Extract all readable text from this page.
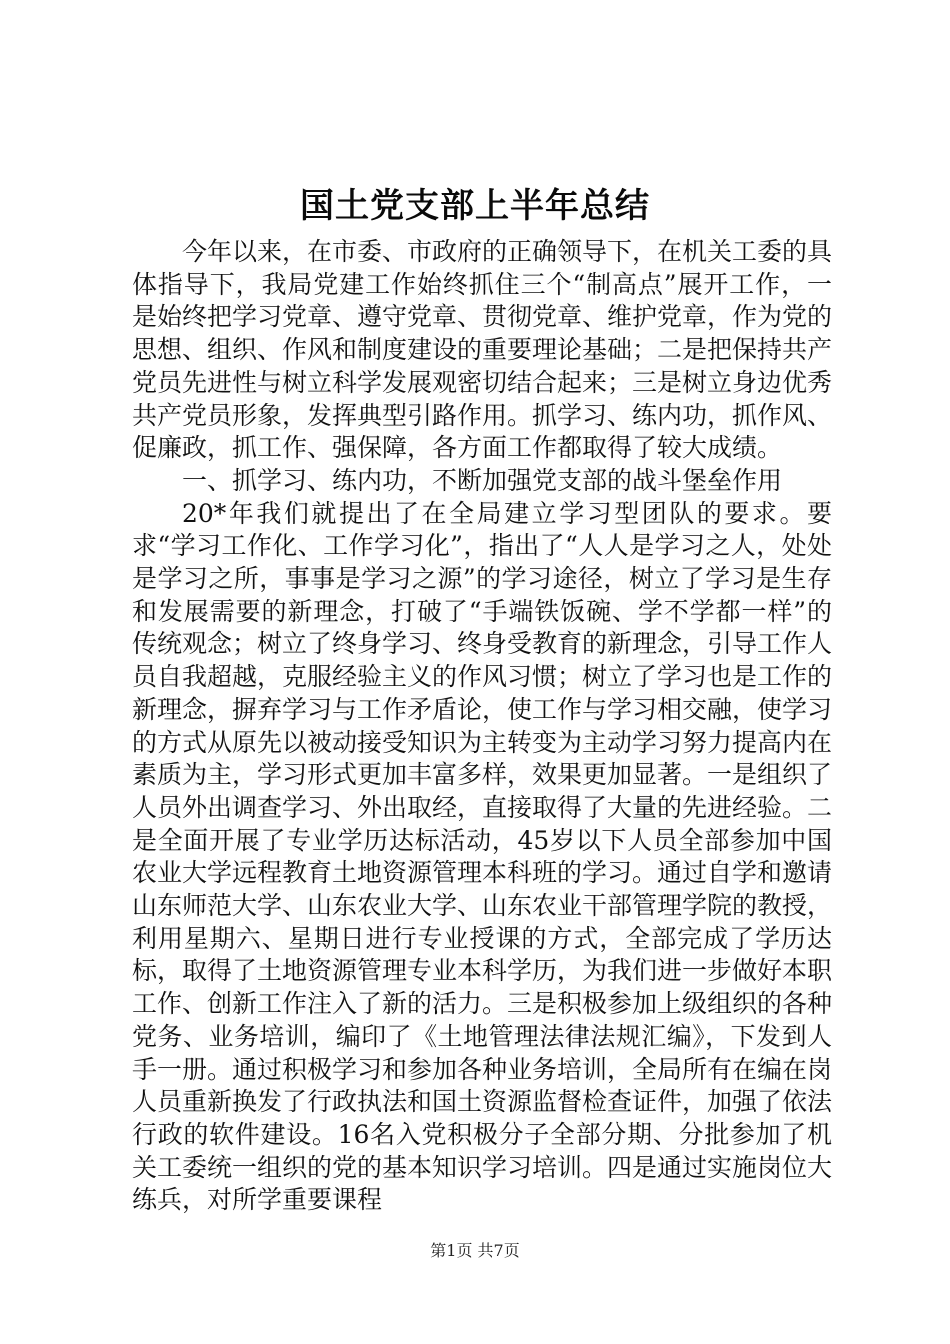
国土党支部上半年总结

今年以来，在市委、市政府的正确领导下，在机关工委的具体指导下，我局党建工作始终抓住三个“制高点”展开工作，一是始终把学习党章、遵守党章、贯彻党章、维护党章，作为党的思想、组织、作风和制度建设的重要理论基础；二是把保持共产党员先进性与树立科学发展观密切结合起来；三是树立身边优秀共产党员形象，发挥典型引路作用。抓学习、练内功，抓作风、促廉政，抓工作、强保障，各方面工作都取得了较大成绩。

一、抓学习、练内功，不断加强党支部的战斗堡垒作用

20*年我们就提出了在全局建立学习型团队的要求。要求“学习工作化、工作学习化”，指出了“人人是学习之人，处处是学习之所，事事是学习之源”的学习途径，树立了学习是生存和发展需要的新理念，打破了“手端铁饭碗、学不学都一样”的传统观念；树立了终身学习、终身受教育的新理念，引导工作人员自我超越，克服经验主义的作风习惯；树立了学习也是工作的新理念，摒弃学习与工作矛盾论，使工作与学习相交融，使学习的方式从原先以被动接受知识为主转变为主动学习努力提高内在素质为主，学习形式更加丰富多样，效果更加显著。一是组织了人员外出调查学习、外出取经，直接取得了大量的先进经验。二是全面开展了专业学历达标活动，45岁以下人员全部参加中国农业大学远程教育土地资源管理本科班的学习。通过自学和邀请山东师范大学、山东农业大学、山东农业干部管理学院的教授，利用星期六、星期日进行专业授课的方式，全部完成了学历达标，取得了土地资源管理专业本科学历，为我们进一步做好本职工作、创新工作注入了新的活力。三是积极参加上级组织的各种党务、业务培训，编印了《土地管理法律法规汇编》，下发到人手一册。通过积极学习和参加各种业务培训，全局所有在编在岗人员重新换发了行政执法和国土资源监督检查证件，加强了依法行政的软件建设。16名入党积极分子全部分期、分批参加了机关工委统一组织的党的基本知识学习培训。四是通过实施岗位大练兵，对所学重要课程

第1页 共7页
